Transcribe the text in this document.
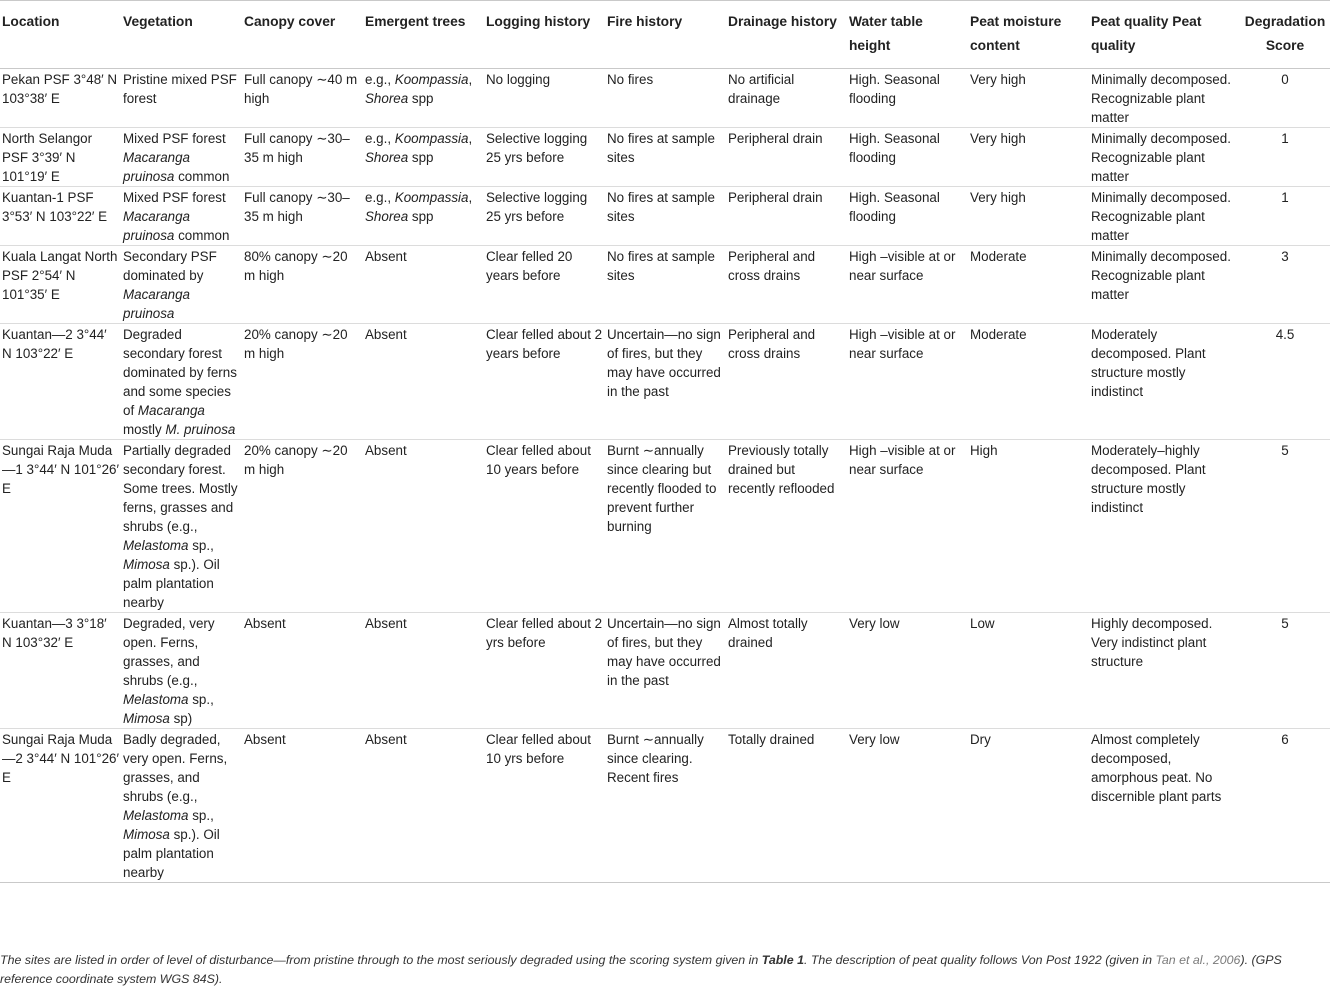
Location	Vegetation	Canopy cover	Emergent trees	Logging history	Fire history	Drainage history	Water table height	Peat moisture content	Peat quality Peat quality	Degradation Score
Pekan PSF 3°48′ N 103°38′ E	Pristine mixed PSF forest	Full canopy ∼40 m high	e.g., Koompassia, Shorea spp	No logging	No fires	No artificial drainage	High. Seasonal flooding	Very high	Minimally decomposed. Recognizable plant matter	0
North Selangor PSF 3°39′ N 101°19′ E	Mixed PSF forest Macaranga pruinosa common	Full canopy ∼30–35 m high	e.g., Koompassia, Shorea spp	Selective logging 25 yrs before	No fires at sample sites	Peripheral drain	High. Seasonal flooding	Very high	Minimally decomposed. Recognizable plant matter	1
Kuantan-1 PSF 3°53′ N 103°22′ E	Mixed PSF forest Macaranga pruinosa common	Full canopy ∼30–35 m high	e.g., Koompassia, Shorea spp	Selective logging 25 yrs before	No fires at sample sites	Peripheral drain	High. Seasonal flooding	Very high	Minimally decomposed. Recognizable plant matter	1
Kuala Langat North PSF 2°54′ N 101°35′ E	Secondary PSF dominated by Macaranga pruinosa	80% canopy ∼20 m high	Absent	Clear felled 20 years before	No fires at sample sites	Peripheral and cross drains	High –visible at or near surface	Moderate	Minimally decomposed. Recognizable plant matter	3
Kuantan—2 3°44′ N 103°22′ E	Degraded secondary forest dominated by ferns and some species of Macaranga mostly M. pruinosa	20% canopy ∼20 m high	Absent	Clear felled about 2 years before	Uncertain—no sign of fires, but they may have occurred in the past	Peripheral and cross drains	High –visible at or near surface	Moderate	Moderately decomposed. Plant structure mostly indistinct	4.5
Sungai Raja Muda—1 3°44′ N 101°26′ E	Partially degraded secondary forest. Some trees. Mostly ferns, grasses and shrubs (e.g., Melastoma sp., Mimosa sp.). Oil palm plantation nearby	20% canopy ∼20 m high	Absent	Clear felled about 10 years before	Burnt ∼annually since clearing but recently flooded to prevent further burning	Previously totally drained but recently reflooded	High –visible at or near surface	High	Moderately–highly decomposed. Plant structure mostly indistinct	5
Kuantan—3 3°18′ N 103°32′ E	Degraded, very open. Ferns, grasses, and shrubs (e.g., Melastoma sp., Mimosa sp)	Absent	Absent	Clear felled about 2 yrs before	Uncertain—no sign of fires, but they may have occurred in the past	Almost totally drained	Very low	Low	Highly decomposed. Very indistinct plant structure	5
Sungai Raja Muda—2 3°44′ N 101°26′ E	Badly degraded, very open. Ferns, grasses, and shrubs (e.g., Melastoma sp., Mimosa sp.). Oil palm plantation nearby	Absent	Absent	Clear felled about 10 yrs before	Burnt ∼annually since clearing. Recent fires	Totally drained	Very low	Dry	Almost completely decomposed, amorphous peat. No discernible plant parts	6
The sites are listed in order of level of disturbance—from pristine through to the most seriously degraded using the scoring system given in Table 1. The description of peat quality follows Von Post 1922 (given in Tan et al., 2006). (GPS reference coordinate system WGS 84S).
